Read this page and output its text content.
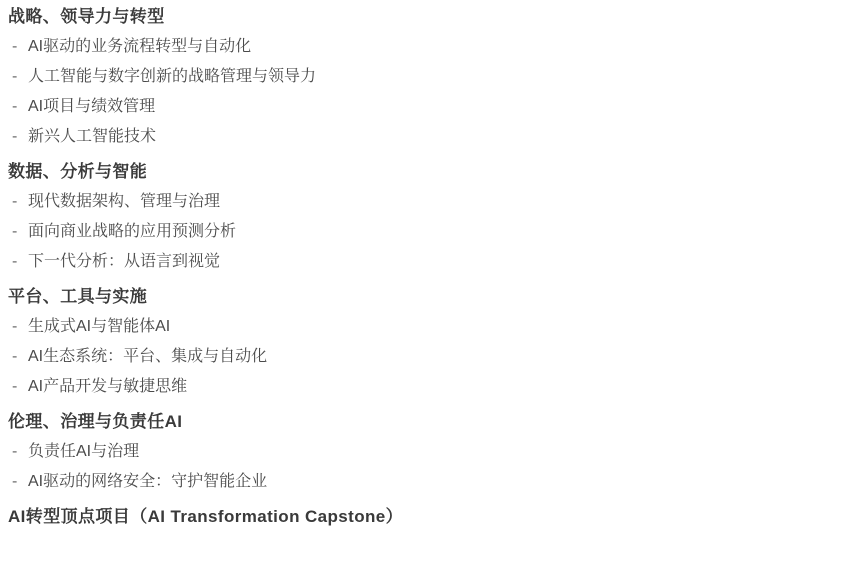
战略、领导力与转型
- AI驱动的业务流程转型与自动化
- 人工智能与数字创新的战略管理与领导力
- AI项目与绩效管理
- 新兴人工智能技术
数据、分析与智能
- 现代数据架构、管理与治理
- 面向商业战略的应用预测分析
- 下一代分析：从语言到视觉
平台、工具与实施
- 生成式AI与智能体AI
- AI生态系统：平台、集成与自动化
- AI产品开发与敏捷思维
伦理、治理与负责任AI
- 负责任AI与治理
- AI驱动的网络安全：守护智能企业
AI转型顶点项目（AI Transformation Capstone）
